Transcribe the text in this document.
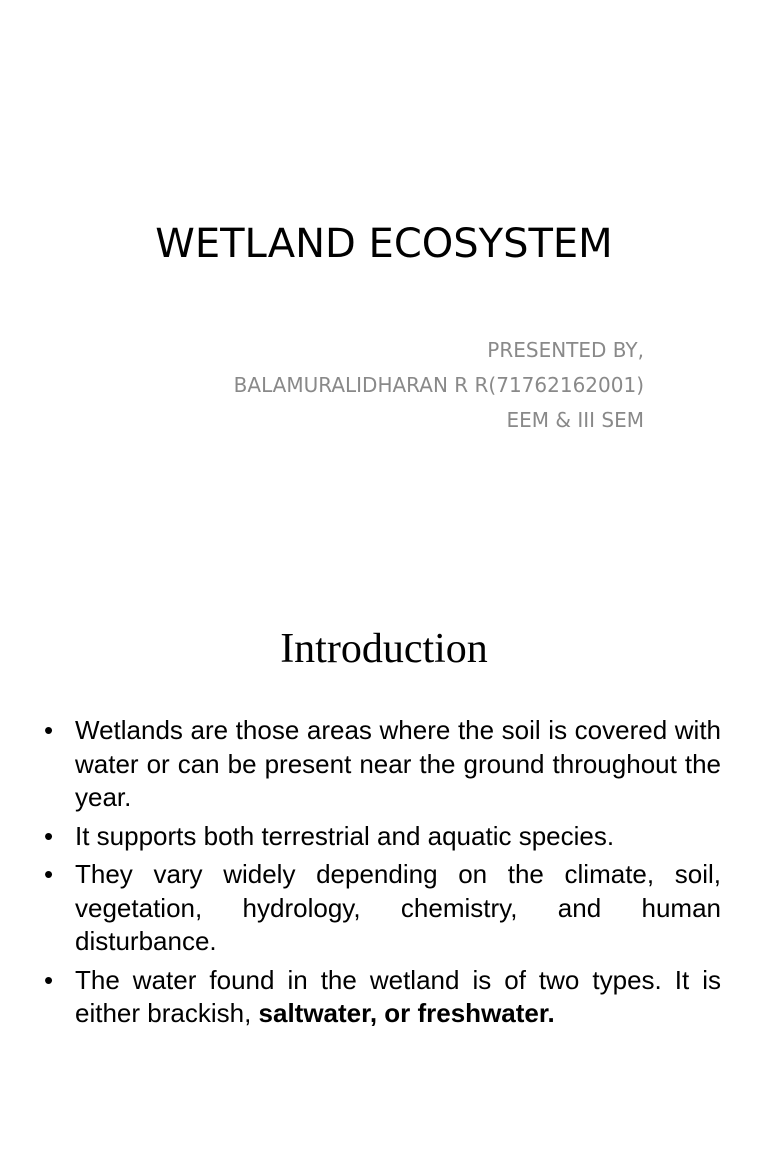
WETLAND ECOSYSTEM
PRESENTED BY,
BALAMURALIDHARAN R R(71762162001)
EEM & III SEM
Introduction
• Wetlands are those areas where the soil is covered with water or can be present near the ground throughout the year.
• It supports both terrestrial and aquatic species.
• They vary widely depending on the climate, soil, vegetation, hydrology, chemistry, and human disturbance.
• The water found in the wetland is of two types. It is either brackish, saltwater, or freshwater.
